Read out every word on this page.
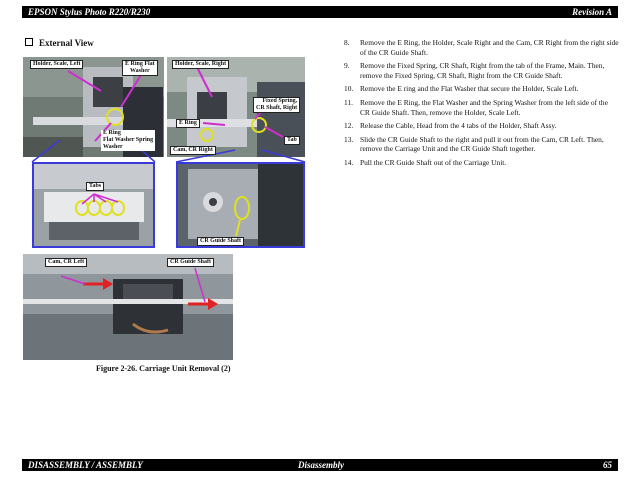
EPSON Stylus Photo R220/R230	Revision A
External View
Holder, Scale, Left	E Ring Flat
Washer
Holder, Scale, Right
Fixed Spring,
CR Shaft, Right
E Ring
Tab
E Ring
Flat Washer Spring
Washer	Cam, CR Right
Tabs
CR Guide Shaft
Cam, CR Left	CR Guide Shaft
Figure 2-26. Carriage Unit Removal (2)
8.	Remove the E Ring, the Holder, Scale Right and the Cam, CR Right from the right side of the CR Guide Shaft.
9.	Remove the Fixed Spring, CR Shaft, Right from the tab of the Frame, Main. Then, remove the Fixed Spring, CR Shaft, Right from the CR Guide Shaft.
10. Remove the E ring and the Flat Washer that secure the Holder, Scale Left.
11. Remove the E Ring, the Flat Washer and the Spring Washer from the left side of the CR Guide Shaft. Then, remove the Holder, Scale Left.
12. Release the Cable, Head from the 4 tabs of the Holder, Shaft Assy.
13. Slide the CR Guide Shaft to the right and pull it out from the Cam, CR Left. Then, remove the Carriage Unit and the CR Guide Shaft together.
14. Pull the CR Guide Shaft out of the Carriage Unit.
DISASSEMBLY / ASSEMBLY	Disassembly	65
